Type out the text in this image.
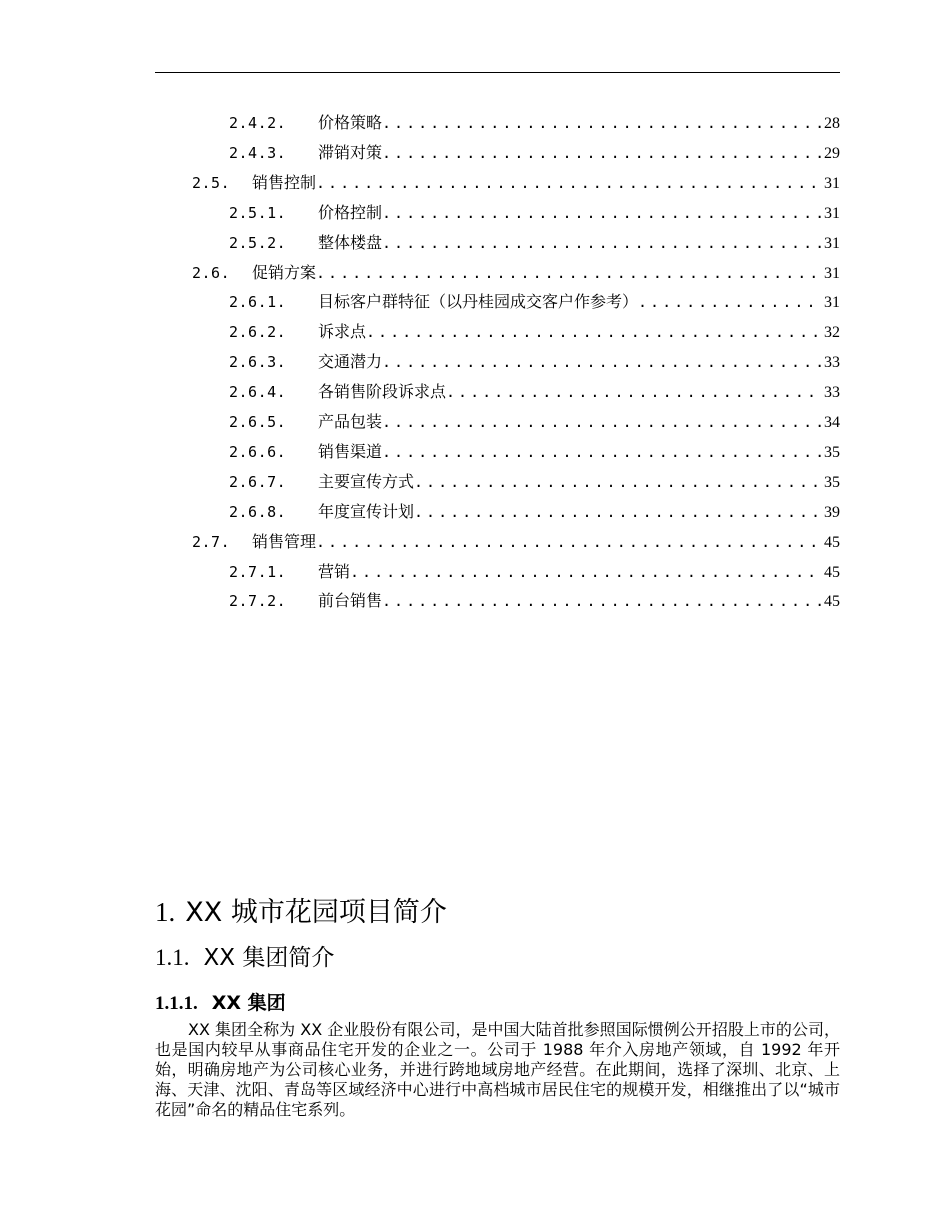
2.4.2.	价格策略 .....	28
2.4.3.	滞销对策 .....	29
2.5.	销售控制 .....	31
2.5.1.	价格控制 .....	31
2.5.2.	整体楼盘 .....	31
2.6.	促销方案 .....	31
2.6.1.	目标客户群特征（以丹桂园成交客户作参考） .....	31
2.6.2.	诉求点 .....	32
2.6.3.	交通潜力 .....	33
2.6.4.	各销售阶段诉求点 .....	33
2.6.5.	产品包装 .....	34
2.6.6.	销售渠道 .....	35
2.6.7.	主要宣传方式 .....	35
2.6.8.	年度宣传计划 .....	39
2.7.	销售管理 .....	45
2.7.1.	营销 .....	45
2.7.2.	前台销售 .....	45
1. XX 城市花园项目简介
1.1. XX 集团简介
1.1.1. XX 集团

XX 集团全称为 XX 企业股份有限公司，是中国大陆首批参照国际惯例公开招股上市的公司，也是国内较早从事商品住宅开发的企业之一。公司于 1988 年介入房地产领域，自 1992 年开始，明确房地产为公司核心业务，并进行跨地域房地产经营。在此期间，选择了深圳、北京、上海、天津、沈阳、青岛等区域经济中心进行中高档城市居民住宅的规模开发，相继推出了以“城市花园”命名的精品住宅系列。
